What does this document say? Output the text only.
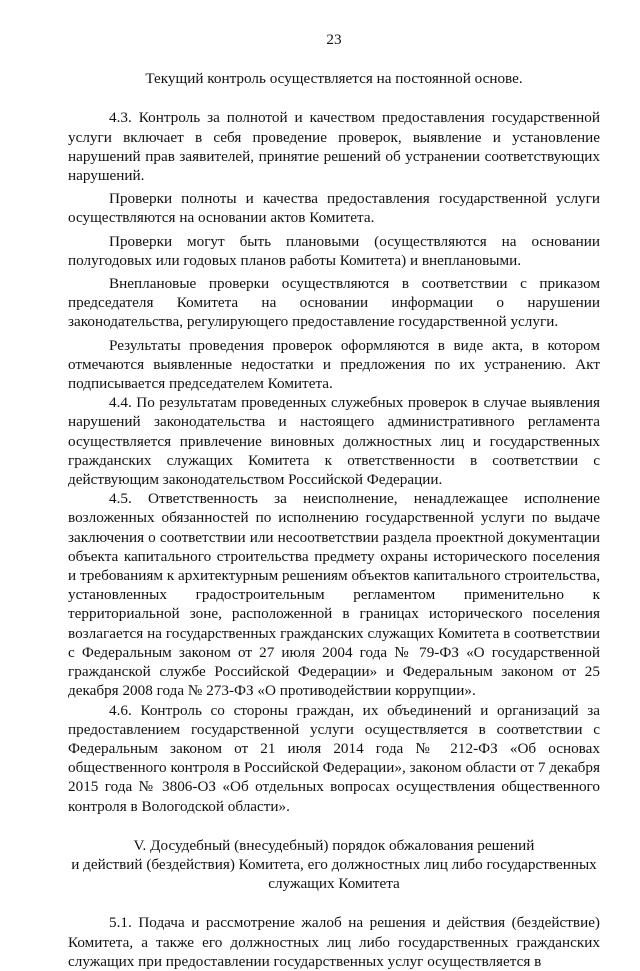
23

Текущий контроль осуществляется на постоянной основе.

4.3. Контроль за полнотой и качеством предоставления государственной услуги включает в себя проведение проверок, выявление и установление нарушений прав заявителей, принятие решений об устранении соответствующих нарушений.

Проверки полноты и качества предоставления государственной услуги осуществляются на основании актов Комитета.

Проверки могут быть плановыми (осуществляются на основании полугодовых или годовых планов работы Комитета) и внеплановыми.

Внеплановые проверки осуществляются в соответствии с приказом председателя Комитета на основании информации о нарушении законодательства, регулирующего предоставление государственной услуги.

Результаты проведения проверок оформляются в виде акта, в котором отмечаются выявленные недостатки и предложения по их устранению. Акт подписывается председателем Комитета.

4.4. По результатам проведенных служебных проверок в случае выявления нарушений законодательства и настоящего административного регламента осуществляется привлечение виновных должностных лиц и государственных гражданских служащих Комитета к ответственности в соответствии с действующим законодательством Российской Федерации.

4.5. Ответственность за неисполнение, ненадлежащее исполнение возложенных обязанностей по исполнению государственной услуги по выдаче заключения о соответствии или несоответствии раздела проектной документации объекта капитального строительства предмету охраны исторического поселения и требованиям к архитектурным решениям объектов капитального строительства, установленных градостроительным регламентом применительно к территориальной зоне, расположенной в границах исторического поселения возлагается на государственных гражданских служащих Комитета в соответствии с Федеральным законом от 27 июля 2004 года № 79-ФЗ «О государственной гражданской службе Российской Федерации» и Федеральным законом от 25 декабря 2008 года № 273-ФЗ «О противодействии коррупции».

4.6. Контроль со стороны граждан, их объединений и организаций за предоставлением государственной услуги осуществляется в соответствии с Федеральным законом от 21 июля 2014 года № 212-ФЗ «Об основах общественного контроля в Российской Федерации», законом области от 7 декабря 2015 года № 3806-ОЗ «Об отдельных вопросах осуществления общественного контроля в Вологодской области».

V. Досудебный (внесудебный) порядок обжалования решений

и действий (бездействия) Комитета, его должностных лиц либо государственных

служащих Комитета

5.1. Подача и рассмотрение жалоб на решения и действия (бездействие) Комитета, а также его должностных лиц либо государственных гражданских служащих при предоставлении государственных услуг осуществляется в
